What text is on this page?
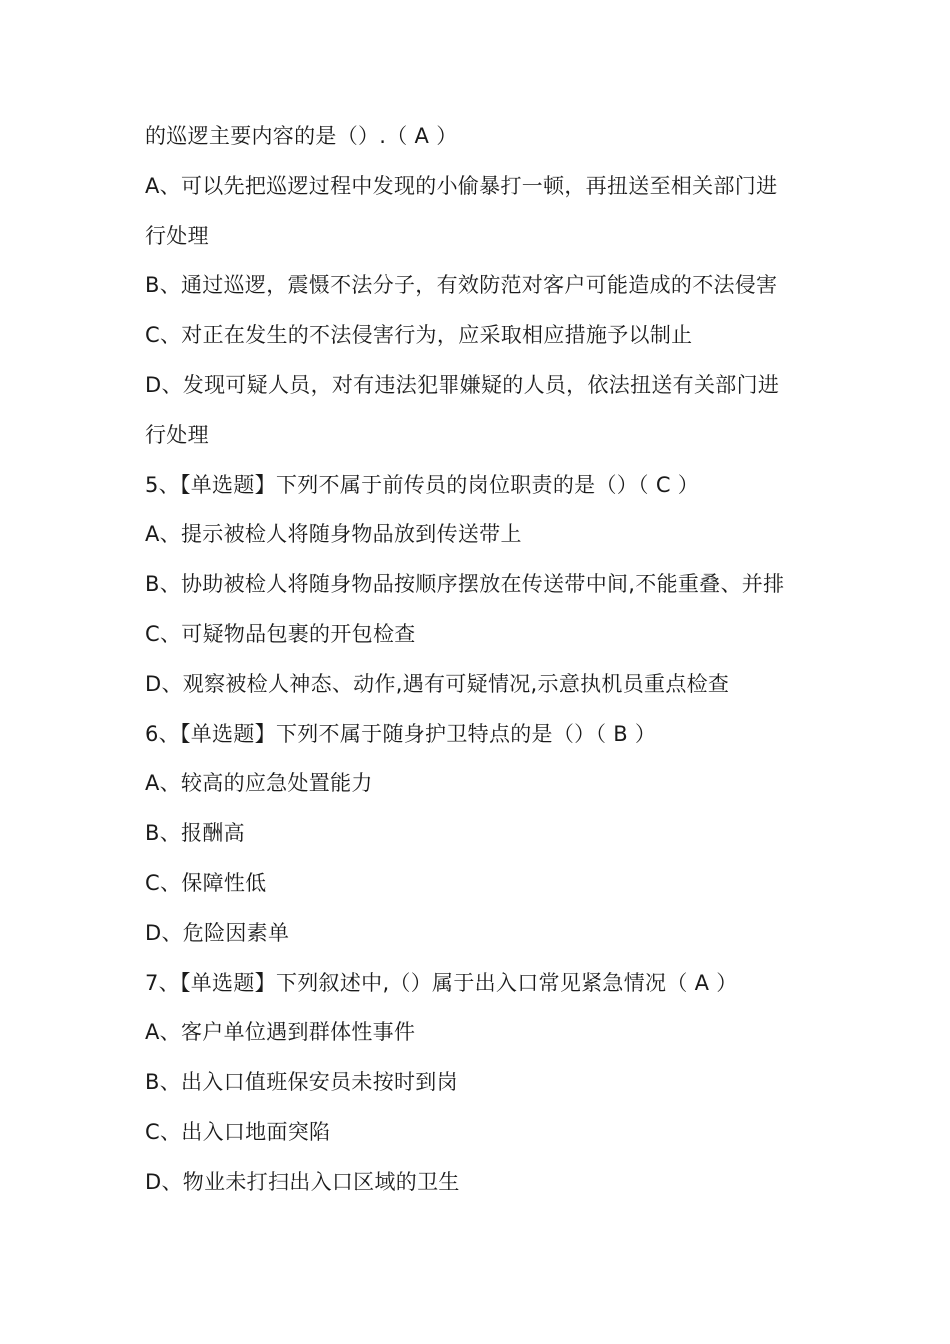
的巡逻主要内容的是（）.（ A ）
A、可以先把巡逻过程中发现的小偷暴打一顿，再扭送至相关部门进
行处理
B、通过巡逻，震慑不法分子，有效防范对客户可能造成的不法侵害
C、对正在发生的不法侵害行为，应采取相应措施予以制止
D、发现可疑人员，对有违法犯罪嫌疑的人员，依法扭送有关部门进
行处理
5、【单选题】下列不属于前传员的岗位职责的是（）（ C ）
A、提示被检人将随身物品放到传送带上
B、协助被检人将随身物品按顺序摆放在传送带中间,不能重叠、并排
C、可疑物品包裹的开包检查
D、观察被检人神态、动作,遇有可疑情况,示意执机员重点检查
6、【单选题】下列不属于随身护卫特点的是（）（ B ）
A、较高的应急处置能力
B、报酬高
C、保障性低
D、危险因素单
7、【单选题】下列叙述中,（）属于出入口常见紧急情况（ A ）
A、客户单位遇到群体性事件
B、出入口值班保安员未按时到岗
C、出入口地面突陷
D、物业未打扫出入口区域的卫生
